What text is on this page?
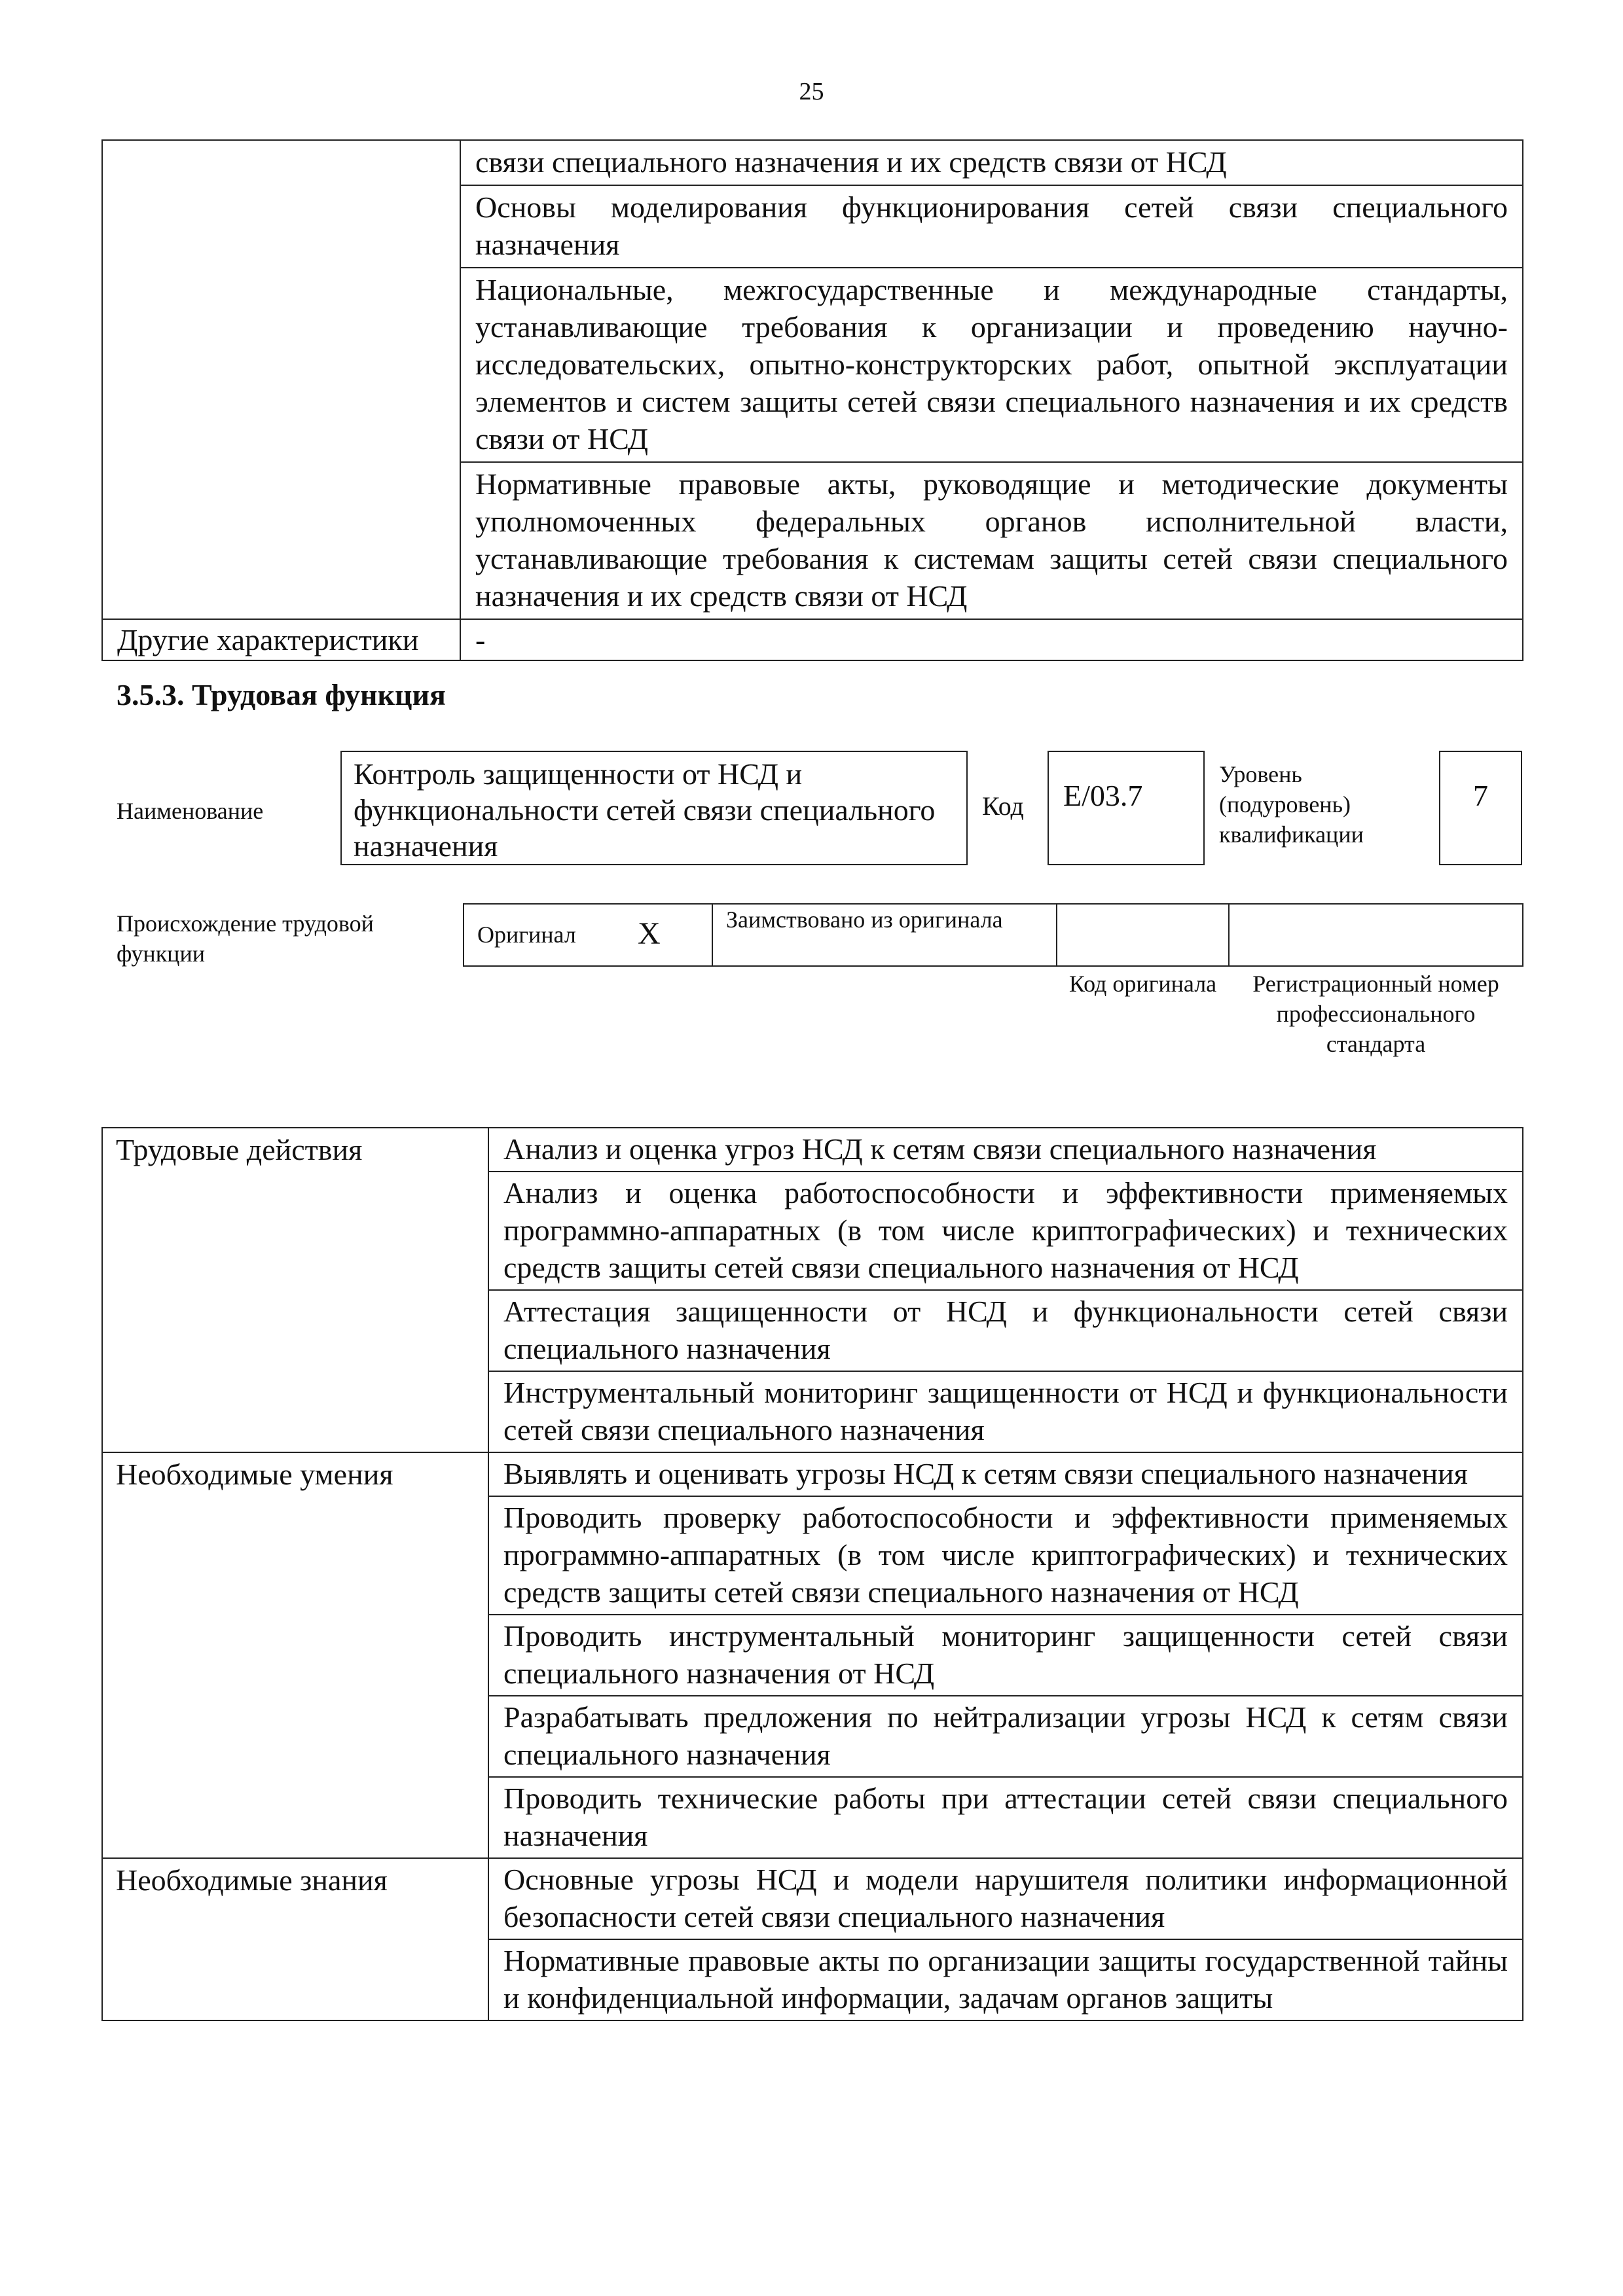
25
	связи специального назначения и их средств связи от НСД
	Основы моделирования функционирования сетей связи специального назначения
	Национальные, межгосударственные и международные стандарты, устанавливающие требования к организации и проведению научно-исследовательских, опытно-конструкторских работ, опытной эксплуатации элементов и систем защиты сетей связи специального назначения и их средств связи от НСД
	Нормативные правовые акты, руководящие и методические документы уполномоченных федеральных органов исполнительной власти, устанавливающие требования к системам защиты сетей связи специального назначения и их средств связи от НСД
Другие характеристики	-
3.5.3. Трудовая функция
Наименование
Контроль защищенности от НСД и функциональности сетей связи специального назначения
Код	E/03.7
Уровень (подуровень) квалификации
7
Происхождение трудовой функции
Оригинал X	Заимствовано из оригинала
Код оригинала	Регистрационный номер профессионального стандарта
Трудовые действия	Анализ и оценка угроз НСД к сетям связи специального назначения
	Анализ и оценка работоспособности и эффективности применяемых программно-аппаратных (в том числе криптографических) и технических средств защиты сетей связи специального назначения от НСД
	Аттестация защищенности от НСД и функциональности сетей связи специального назначения
	Инструментальный мониторинг защищенности от НСД и функциональности сетей связи специального назначения
Необходимые умения	Выявлять и оценивать угрозы НСД к сетям связи специального назначения
	Проводить проверку работоспособности и эффективности применяемых программно-аппаратных (в том числе криптографических) и технических средств защиты сетей связи специального назначения от НСД
	Проводить инструментальный мониторинг защищенности сетей связи специального назначения от НСД
	Разрабатывать предложения по нейтрализации угрозы НСД к сетям связи специального назначения
	Проводить технические работы при аттестации сетей связи специального назначения
Необходимые знания	Основные угрозы НСД и модели нарушителя политики информационной безопасности сетей связи специального назначения
	Нормативные правовые акты по организации защиты государственной тайны и конфиденциальной информации, задачам органов защиты
